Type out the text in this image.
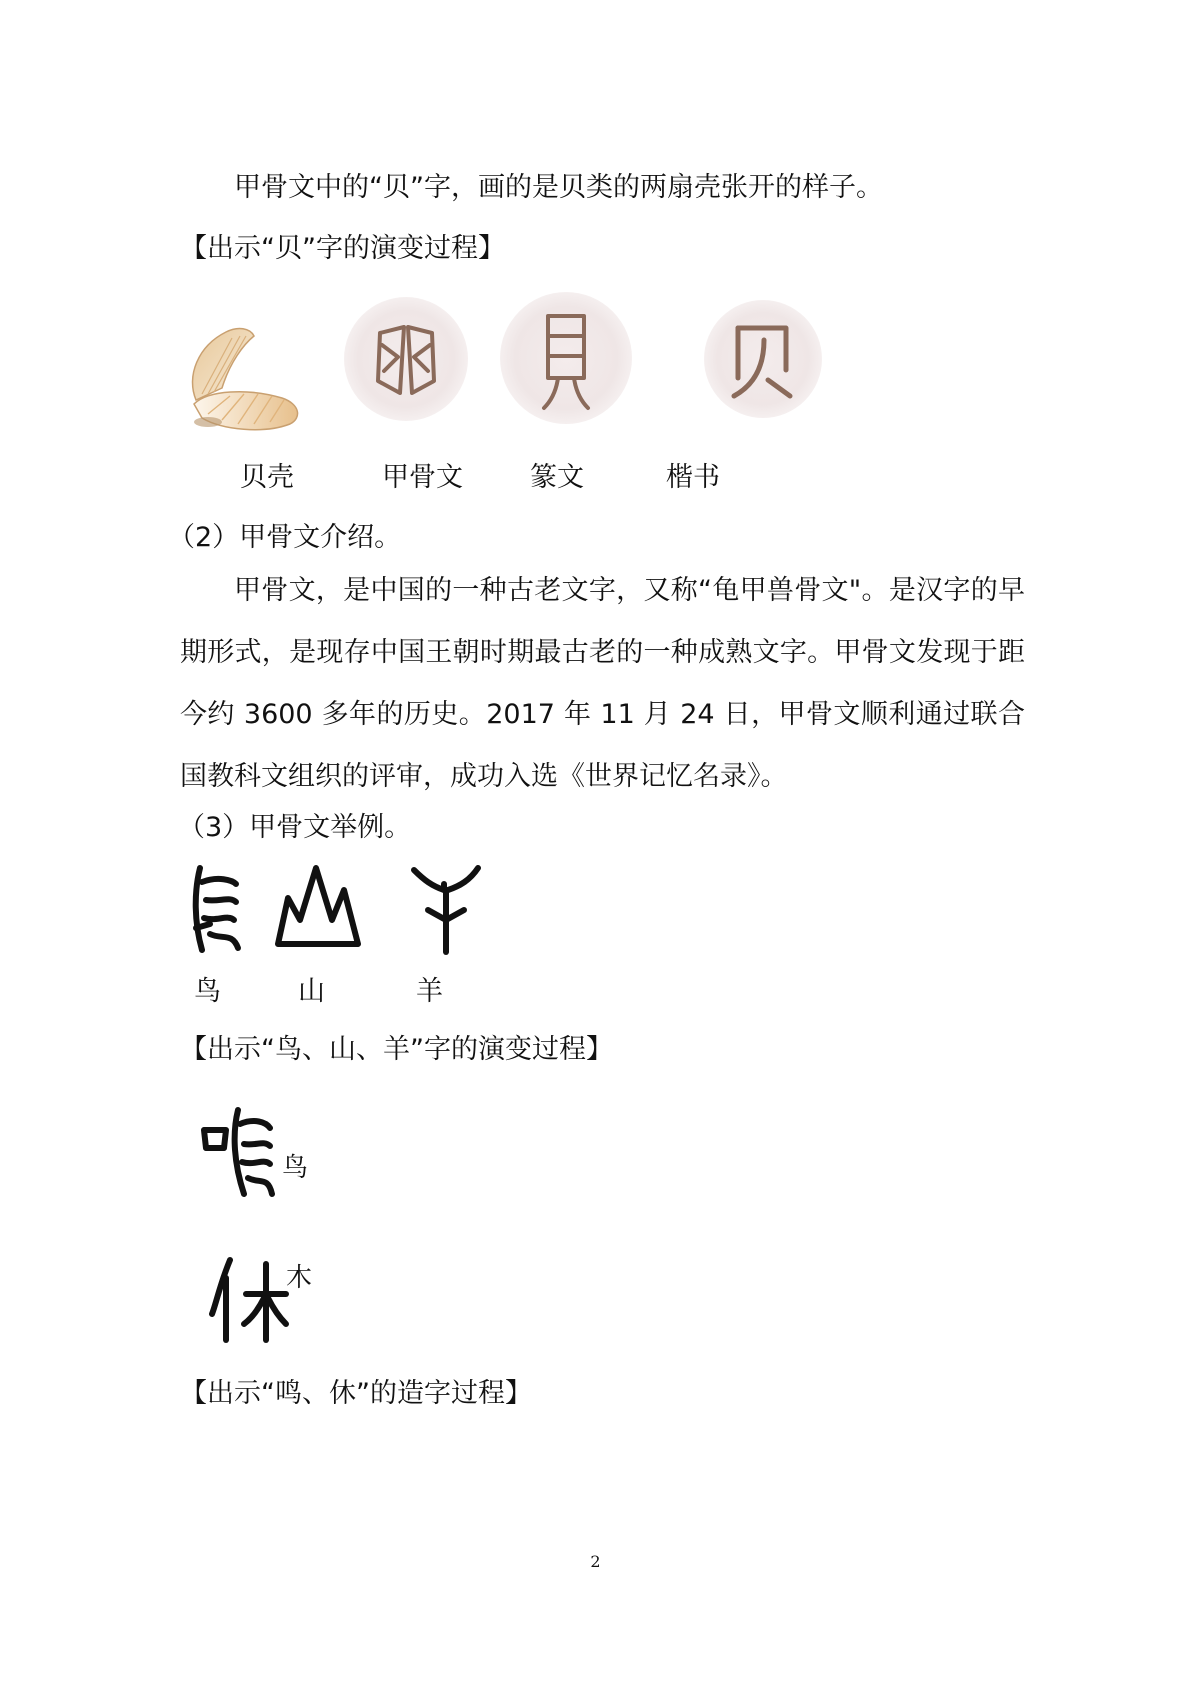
甲骨文中的“贝”字，画的是贝类的两扇壳张开的样子。
【出示“贝”字的演变过程】
贝壳	甲骨文 篆文	楷书
（2）甲骨文介绍。
甲骨文，是中国的一种古老文字，又称“龟甲兽骨文"。是汉字的早期形式，是现存中国王朝时期最古老的一种成熟文字。甲骨文发现于距今约 3600 多年的历史。2017 年 11 月 24 日，甲骨文顺利通过联合国教科文组织的评审，成功入选《世界记忆名录》。
（3）甲骨文举例。
鸟	山	羊
【出示“鸟、山、羊”字的演变过程】
鸟
木
【出示“鸣、休”的造字过程】
2
